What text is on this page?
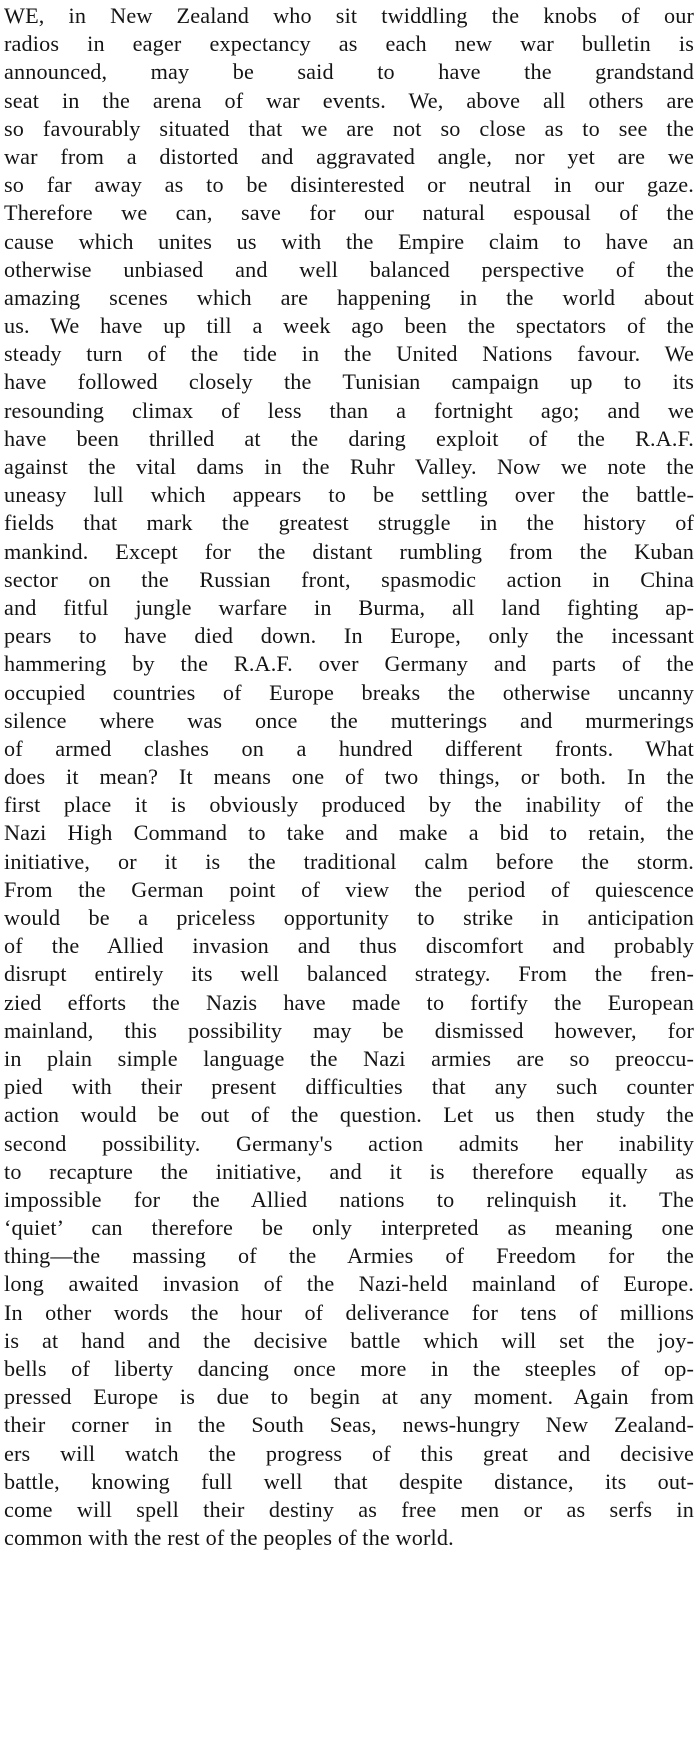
WE, in New Zealand who sit twiddling the knobs of our
radios in eager expectancy as each new war bulletin is
announced, may be said to have the grandstand
seat in the arena of war events. We, above all others are
so favourably situated that we are not so close as to see the
war from a distorted and aggravated angle, nor yet are we
so far away as to be disinterested or neutral in our gaze.
Therefore we can, save for our natural espousal of the
cause which unites us with the Empire claim to have an
otherwise unbiased and well balanced perspective of the
amazing scenes which are happening in the world about
us. We have up till a week ago been the spectators of the
steady turn of the tide in the United Nations favour. We
have followed closely the Tunisian campaign up to its
resounding climax of less than a fortnight ago; and we
have been thrilled at the daring exploit of the R.A.F.
against the vital dams in the Ruhr Valley. Now we note the
uneasy lull which appears to be settling over the battle-
fields that mark the greatest struggle in the history of
mankind. Except for the distant rumbling from the Kuban
sector on the Russian front, spasmodic action in China
and fitful jungle warfare in Burma, all land fighting ap-
pears to have died down. In Europe, only the incessant
hammering by the R.A.F. over Germany and parts of the
occupied countries of Europe breaks the otherwise uncanny
silence where was once the mutterings and murmerings
of armed clashes on a hundred different fronts. What
does it mean? It means one of two things, or both. In the
first place it is obviously produced by the inability of the
Nazi High Command to take and make a bid to retain, the
initiative, or it is the traditional calm before the storm.
From the German point of view the period of quiescence
would be a priceless opportunity to strike in anticipation
of the Allied invasion and thus discomfort and probably
disrupt entirely its well balanced strategy. From the fren-
zied efforts the Nazis have made to fortify the European
mainland, this possibility may be dismissed however, for
in plain simple language the Nazi armies are so preoccu-
pied with their present difficulties that any such counter
action would be out of the question. Let us then study the
second possibility. Germany's action admits her inability
to recapture the initiative, and it is therefore equally as
impossible for the Allied nations to relinquish it. The
‘quiet’ can therefore be only interpreted as meaning one
thing—the massing of the Armies of Freedom for the
long awaited invasion of the Nazi-held mainland of Europe.
In other words the hour of deliverance for tens of millions
is at hand and the decisive battle which will set the joy-
bells of liberty dancing once more in the steeples of op-
pressed Europe is due to begin at any moment. Again from
their corner in the South Seas, news-hungry New Zealand-
ers will watch the progress of this great and decisive
battle, knowing full well that despite distance, its out-
come will spell their destiny as free men or as serfs in
common with the rest of the peoples of the world.
